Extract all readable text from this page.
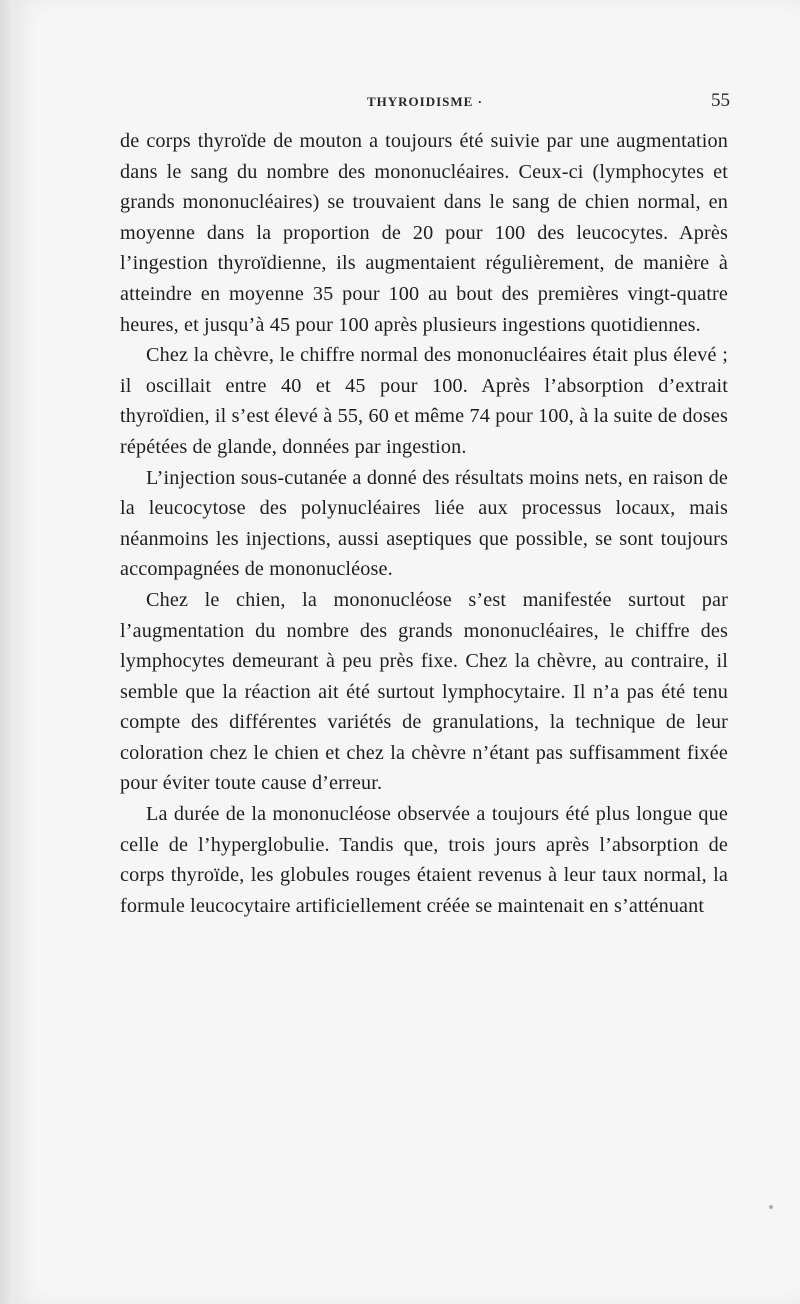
THYROIDISME ·	55

de corps thyroïde de mouton a toujours été suivie par une augmentation dans le sang du nombre des mononucléaires. Ceux-ci (lymphocytes et grands mononucléaires) se trouvaient dans le sang de chien normal, en moyenne dans la proportion de 20 pour 100 des leucocytes. Après l’ingestion thyroïdienne, ils augmentaient régulièrement, de manière à atteindre en moyenne 35 pour 100 au bout des premières vingt-quatre heures, et jusqu’à 45 pour 100 après plusieurs ingestions quotidiennes.

Chez la chèvre, le chiffre normal des mononucléaires était plus élevé ; il oscillait entre 40 et 45 pour 100. Après l’absorption d’extrait thyroïdien, il s’est élevé à 55, 60 et même 74 pour 100, à la suite de doses répétées de glande, données par ingestion.

L’injection sous-cutanée a donné des résultats moins nets, en raison de la leucocytose des polynucléaires liée aux processus locaux, mais néanmoins les injections, aussi aseptiques que possible, se sont toujours accompagnées de mononucléose.

Chez le chien, la mononucléose s’est manifestée surtout par l’augmentation du nombre des grands mononucléaires, le chiffre des lymphocytes demeurant à peu près fixe. Chez la chèvre, au contraire, il semble que la réaction ait été surtout lymphocytaire. Il n’a pas été tenu compte des différentes variétés de granulations, la technique de leur coloration chez le chien et chez la chèvre n’étant pas suffisamment fixée pour éviter toute cause d’erreur.

La durée de la mononucléose observée a toujours été plus longue que celle de l’hyperglobulie. Tandis que, trois jours après l’absorption de corps thyroïde, les globules rouges étaient revenus à leur taux normal, la formule leucocytaire artificiellement créée se maintenait en s’atténuant
